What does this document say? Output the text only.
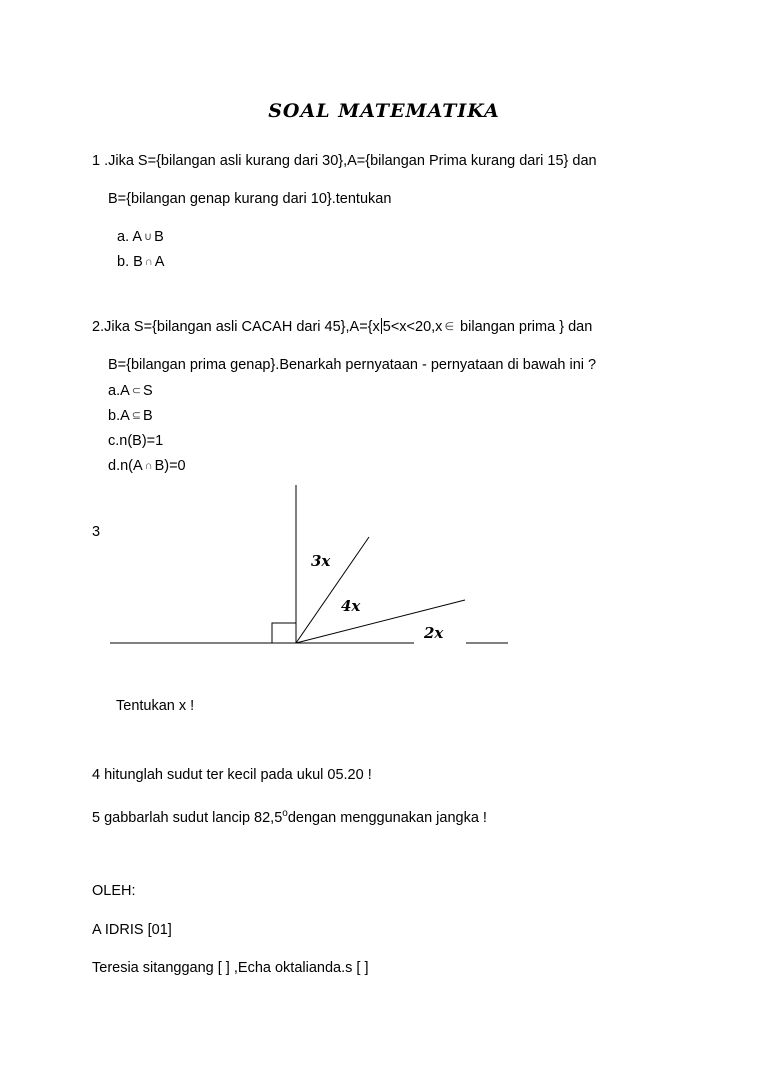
SOAL MATEMATIKA
1 .Jika S={bilangan asli kurang dari 30},A={bilangan Prima kurang dari 15} dan
B={bilangan genap kurang dari 10}.tentukan
a. A ∪ B
b. B ∩ A
2.Jika S={bilangan asli CACAH dari 45},A={x 5<x<20,x ∈ bilangan prima } dan
B={bilangan prima genap}.Benarkah pernyataan - pernyataan di bawah ini ?
a.A ⊂ S
b.A ⊆ B
c.n(B)=1
d.n(A ∩ B)=0
3
3x
4x
2x
Tentukan x !
4 hitunglah sudut ter kecil pada ukul 05.20 !
5 gabbarlah sudut lancip 82,5$^o$dengan menggunakan jangka !
OLEH:
A IDRIS [01]
Teresia sitanggang [ ] ,Echa oktalianda.s [ ]
